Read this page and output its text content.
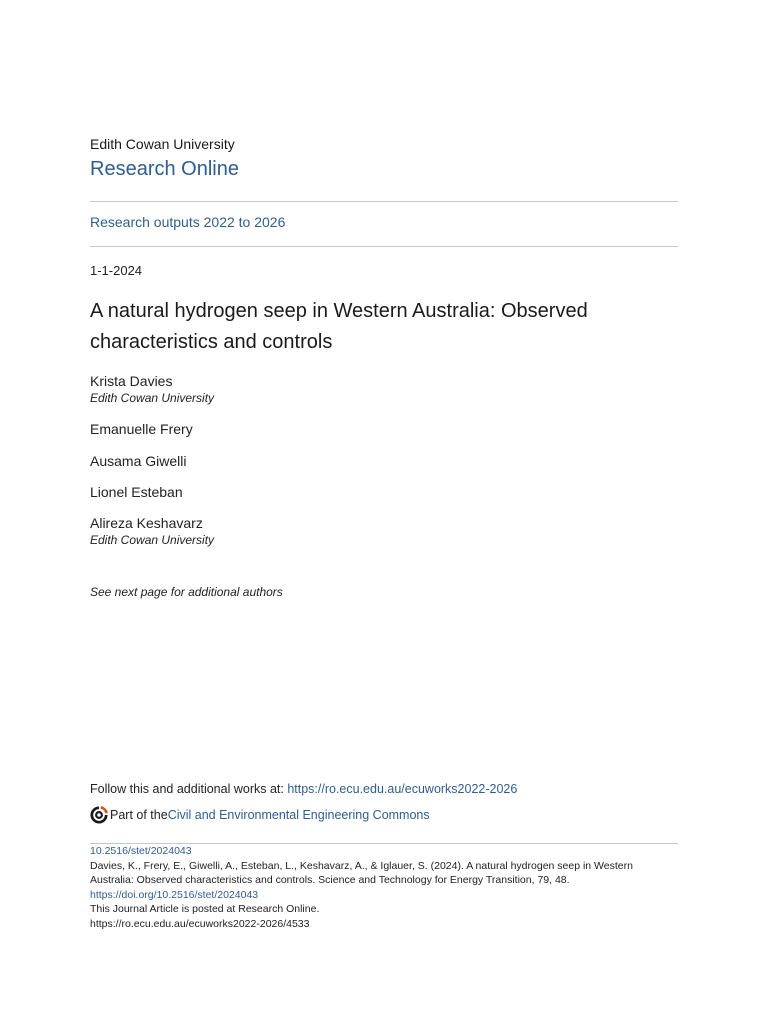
Edith Cowan University
Research Online
Research outputs 2022 to 2026
1-1-2024
A natural hydrogen seep in Western Australia: Observed characteristics and controls
Krista Davies
Edith Cowan University
Emanuelle Frery
Ausama Giwelli
Lionel Esteban
Alireza Keshavarz
Edith Cowan University
See next page for additional authors
Follow this and additional works at: https://ro.ecu.edu.au/ecuworks2022-2026
Part of the Civil and Environmental Engineering Commons
10.2516/stet/2024043
Davies, K., Frery, E., Giwelli, A., Esteban, L., Keshavarz, A., & Iglauer, S. (2024). A natural hydrogen seep in Western Australia: Observed characteristics and controls. Science and Technology for Energy Transition, 79, 48.
https://doi.org/10.2516/stet/2024043
This Journal Article is posted at Research Online.
https://ro.ecu.edu.au/ecuworks2022-2026/4533
